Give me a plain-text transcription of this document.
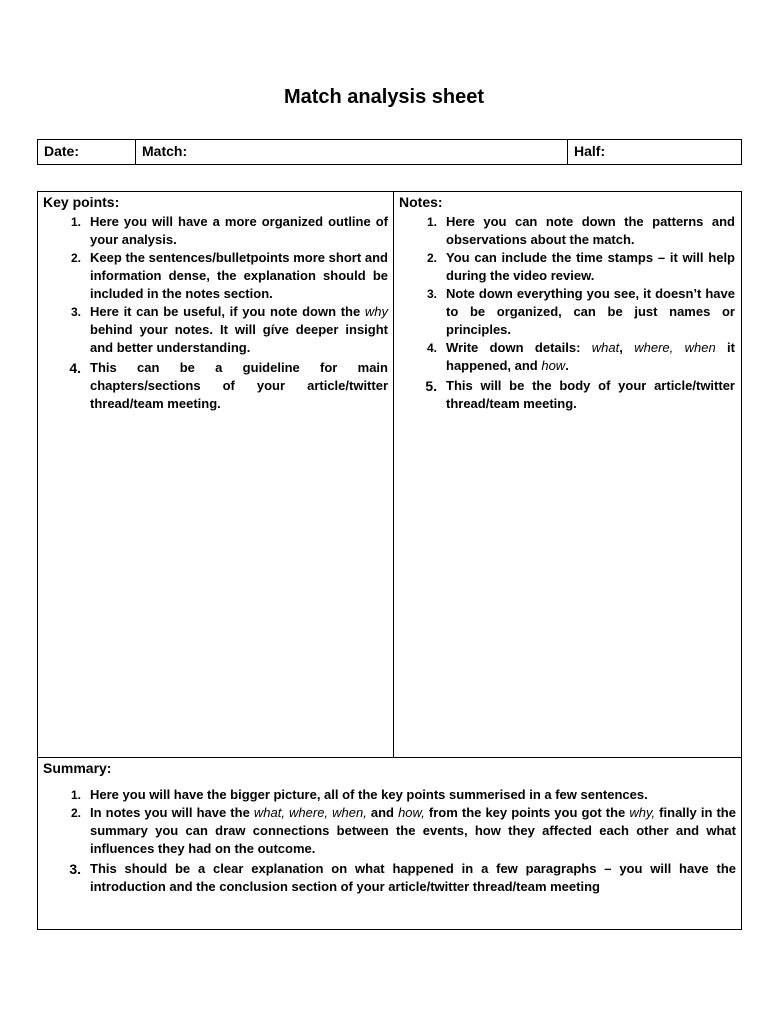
Match analysis sheet
Date:	Match:	Half:
Key points:
1. Here you will have a more organized outline of your analysis.
2. Keep the sentences/bulletpoints more short and information dense, the explanation should be included in the notes section.
3. Here it can be useful, if you note down the why behind your notes. It will gíve deeper insight and better understanding.
4. This can be a guideline for main chapters/sections of your article/twitter thread/team meeting.
Notes:
1. Here you can note down the patterns and observations about the match.
2. You can include the time stamps – it will help during the video review.
3. Note down everything you see, it doesn’t have to be organized, can be just names or principles.
4. Write down details: what, where, when it happened, and how.
5. This will be the body of your article/twitter thread/team meeting.
Summary:
1. Here you will have the bigger picture, all of the key points summerised in a few sentences.
2. In notes you will have the what, where, when, and how, from the key points you got the why, finally in the summary you can draw connections between the events, how they affected each other and what influences they had on the outcome.
3. This should be a clear explanation on what happened in a few paragraphs – you will have the introduction and the conclusion section of your article/twitter thread/team meeting
